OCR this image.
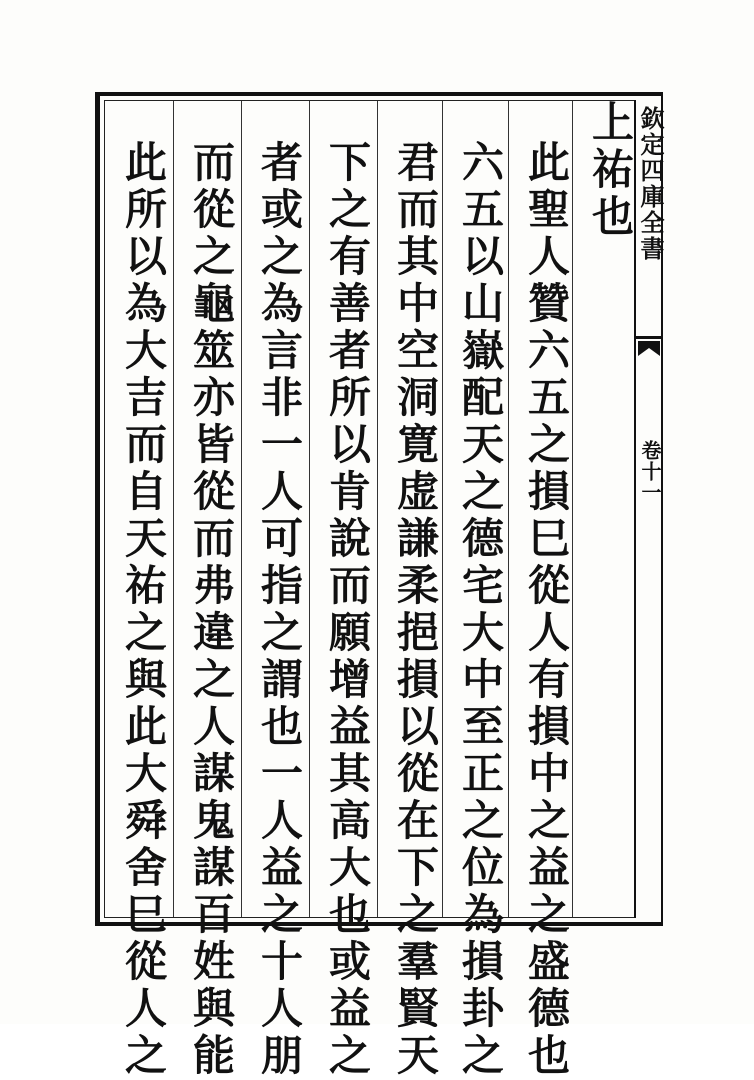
欽定四庫全書
卷十一
上祐也
此聖人贊六五之損巳從人有損中之益之盛德也
六五以山嶽配天之德宅大中至正之位為損卦之
君而其中空洞寛虚謙柔挹損以從在下之羣賢天
下之有善者所以肯說而願增益其高大也或益之
者或之為言非一人可指之謂也一人益之十人朋
而從之龜筮亦皆從而弗違之人謀鬼謀百姓與能
此所以為大吉而自天祐之與此大舜舍巳從人之
